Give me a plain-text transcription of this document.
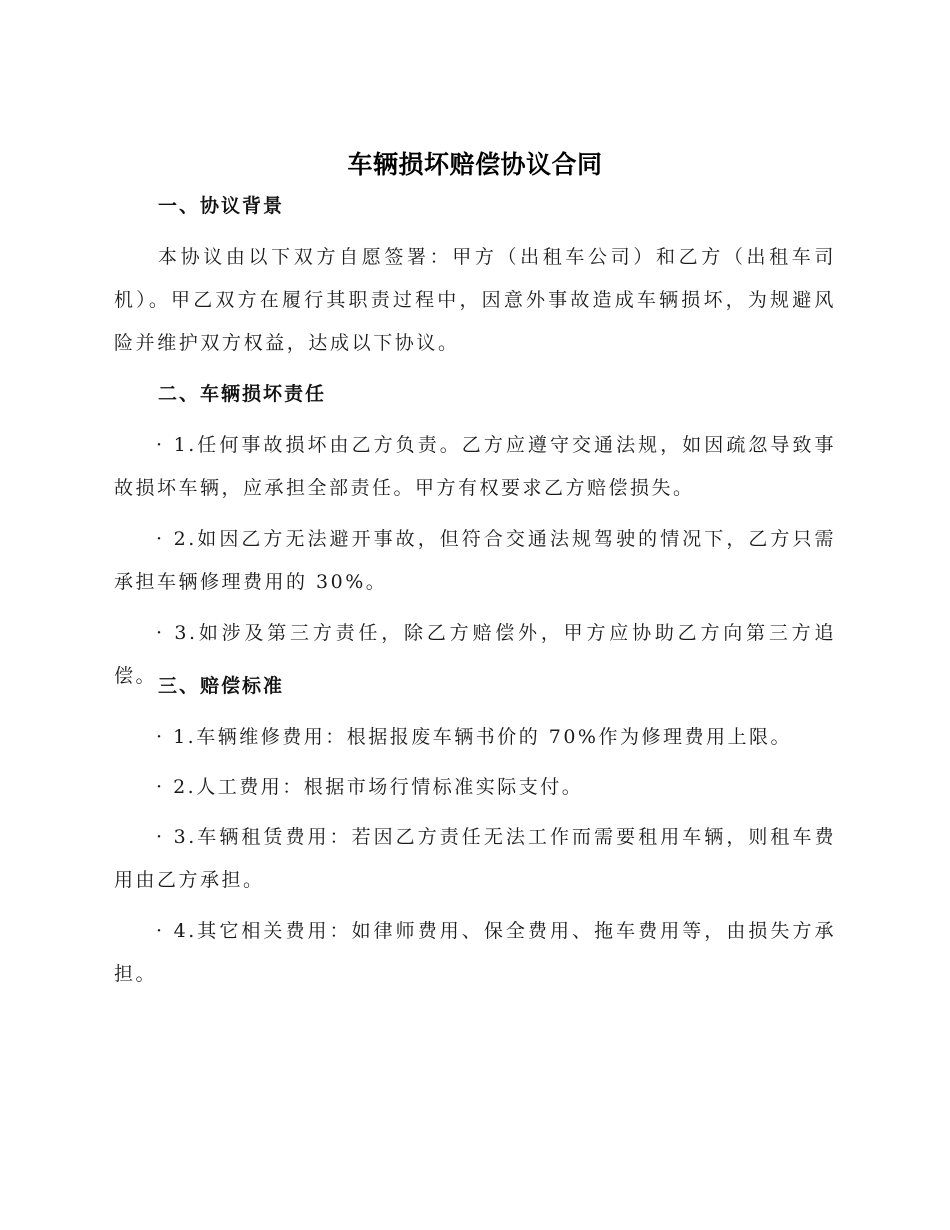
车辆损坏赔偿协议合同
一、协议背景
本协议由以下双方自愿签署：甲方（出租车公司）和乙方（出租车司机）。甲乙双方在履行其职责过程中，因意外事故造成车辆损坏，为规避风险并维护双方权益，达成以下协议。
二、车辆损坏责任
· 1.任何事故损坏由乙方负责。乙方应遵守交通法规，如因疏忽导致事故损坏车辆，应承担全部责任。甲方有权要求乙方赔偿损失。
· 2.如因乙方无法避开事故，但符合交通法规驾驶的情况下，乙方只需承担车辆修理费用的 30%。
· 3.如涉及第三方责任，除乙方赔偿外，甲方应协助乙方向第三方追偿。 三、赔偿标准
· 1.车辆维修费用：根据报废车辆书价的 70%作为修理费用上限。
· 2.人工费用：根据市场行情标准实际支付。
· 3.车辆租赁费用：若因乙方责任无法工作而需要租用车辆，则租车费用由乙方承担。
· 4.其它相关费用：如律师费用、保全费用、拖车费用等，由损失方承担。
